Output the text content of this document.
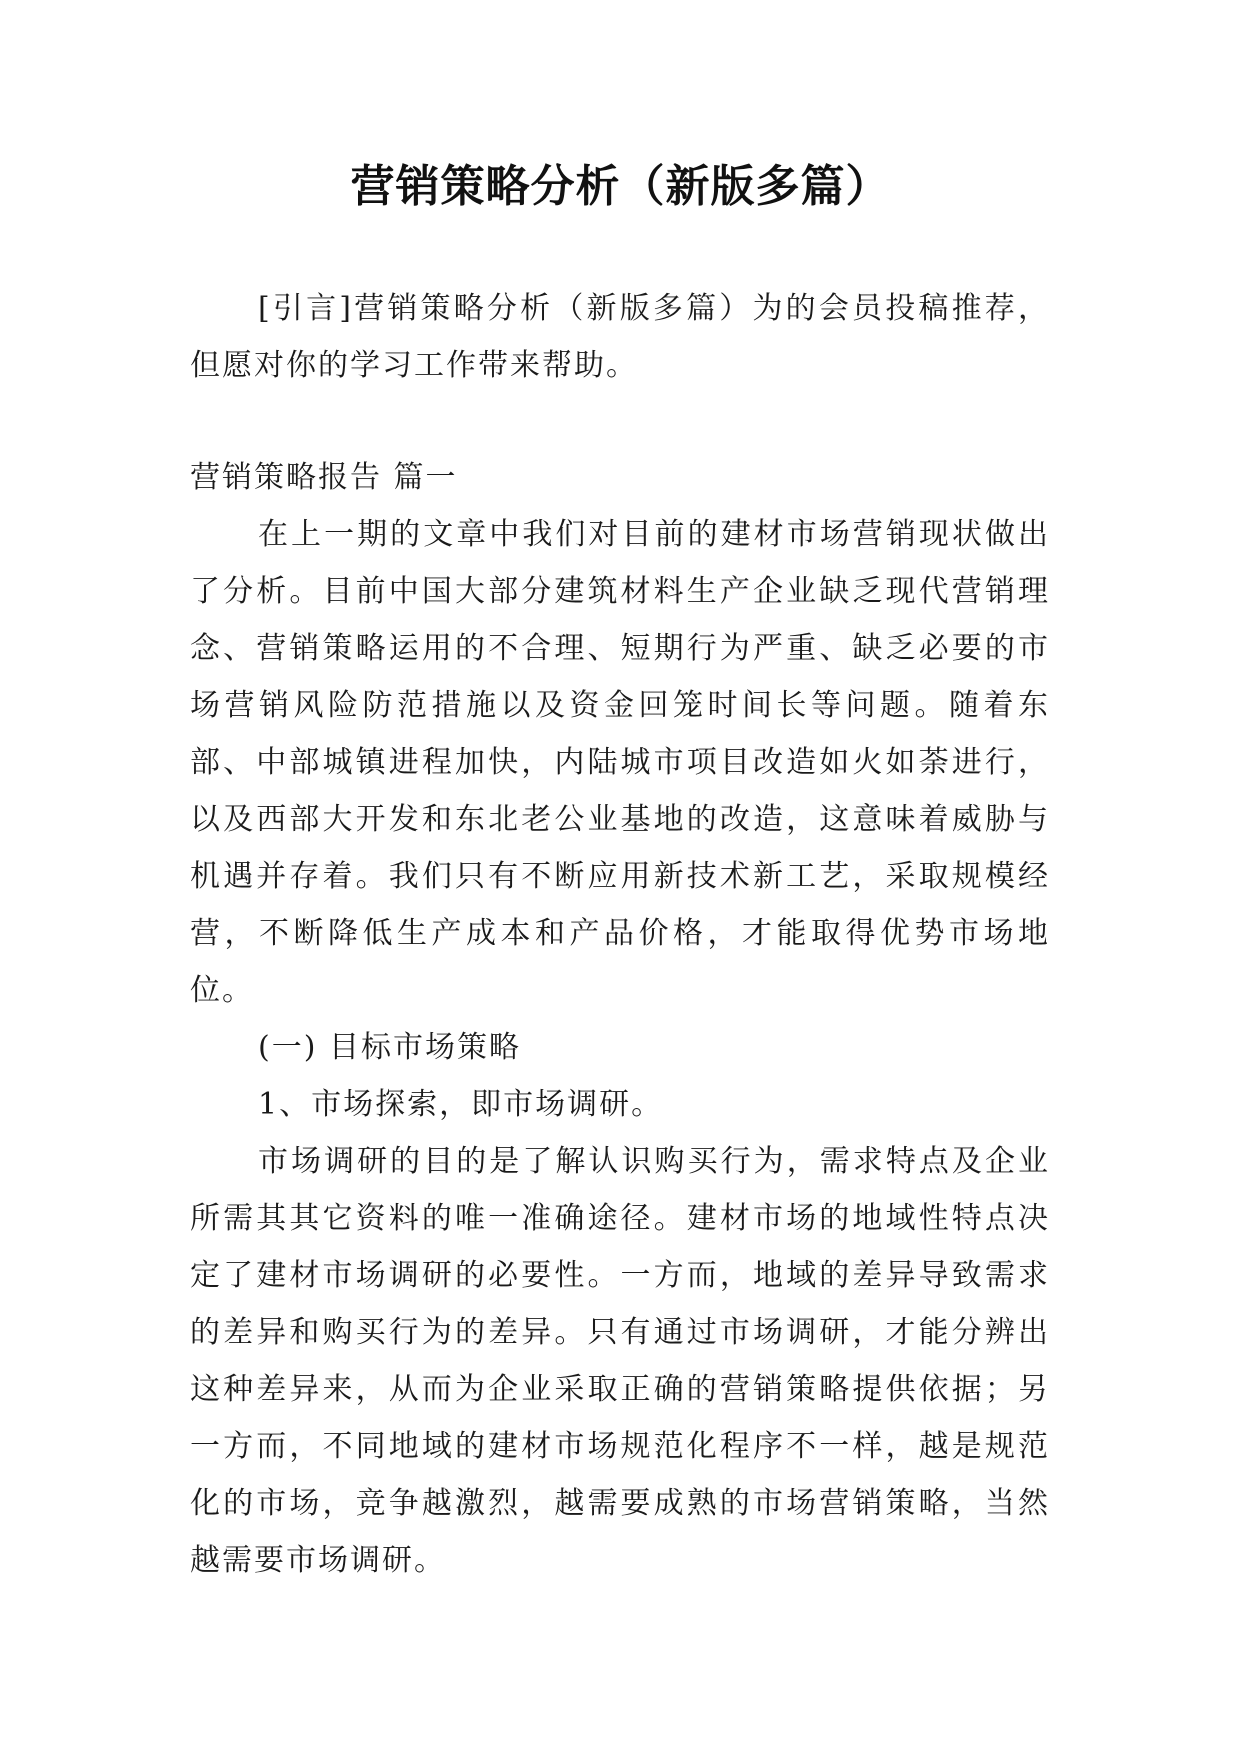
营销策略分析（新版多篇）

[引言]营销策略分析（新版多篇）为的会员投稿推荐，但愿对你的学习工作带来帮助。

营销策略报告 篇一

在上一期的文章中我们对目前的建材市场营销现状做出了分析。目前中国大部分建筑材料生产企业缺乏现代营销理念、营销策略运用的不合理、短期行为严重、缺乏必要的市场营销风险防范措施以及资金回笼时间长等问题。随着东部、中部城镇进程加快，内陆城市项目改造如火如荼进行，以及西部大开发和东北老公业基地的改造，这意味着威胁与机遇并存着。我们只有不断应用新技术新工艺，采取规模经营，不断降低生产成本和产品价格，才能取得优势市场地位。

(一) 目标市场策略

1、市场探索，即市场调研。

市场调研的目的是了解认识购买行为，需求特点及企业所需其其它资料的唯一准确途径。建材市场的地域性特点决定了建材市场调研的必要性。一方而，地域的差异导致需求的差异和购买行为的差异。只有通过市场调研，才能分辨出这种差异来，从而为企业采取正确的营销策略提供依据；另一方而，不同地域的建材市场规范化程序不一样，越是规范化的市场，竞争越激烈，越需要成熟的市场营销策略，当然越需要市场调研。
